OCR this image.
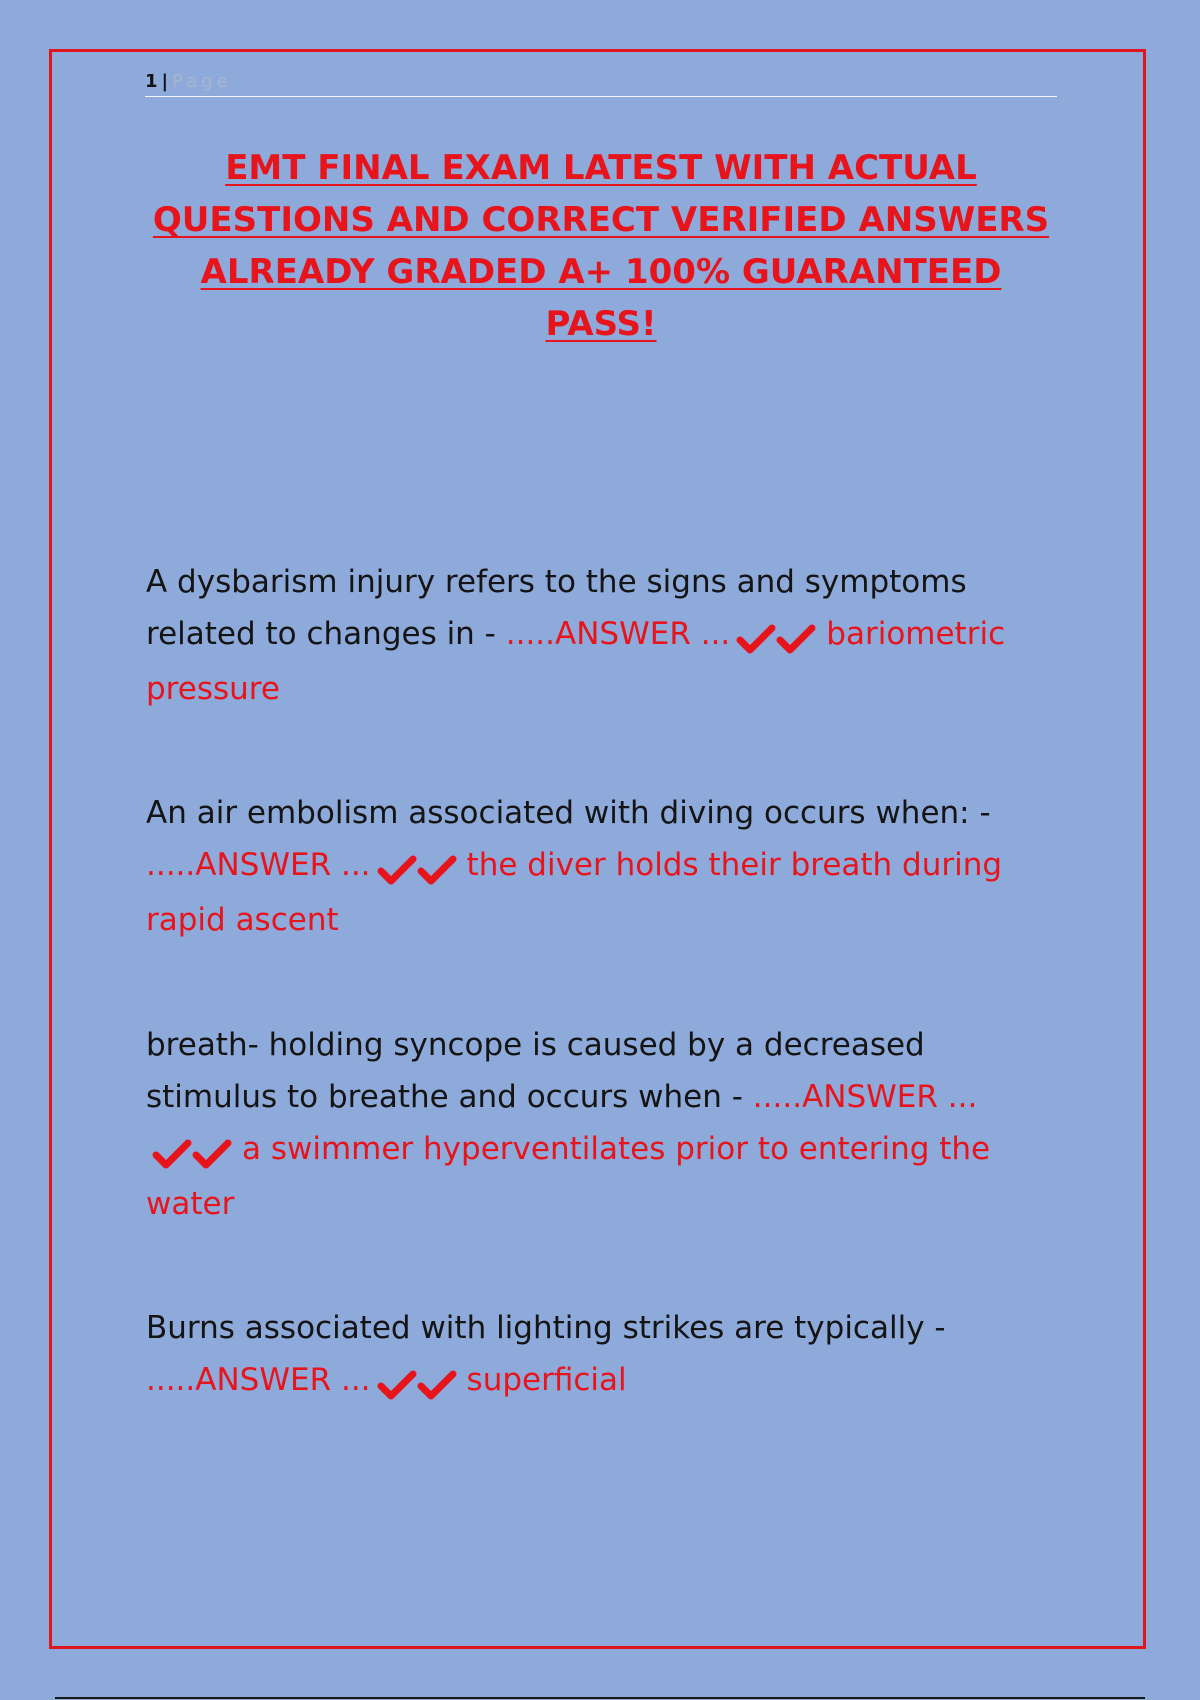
1 | Page
EMT FINAL EXAM LATEST WITH ACTUAL QUESTIONS AND CORRECT VERIFIED ANSWERS ALREADY GRADED A+ 100% GUARANTEED PASS!

A dysbarism injury refers to the signs and symptoms related to changes in - .....ANSWER ...	bariometric pressure

An air embolism associated with diving occurs when: - .....ANSWER ...	the diver holds their breath during rapid ascent

breath- holding syncope is caused by a decreased stimulus to breathe and occurs when - .....ANSWER ...a swimmer hyperventilates prior to entering the water

Burns associated with lighting strikes are typically - .....ANSWER ...	superficial
